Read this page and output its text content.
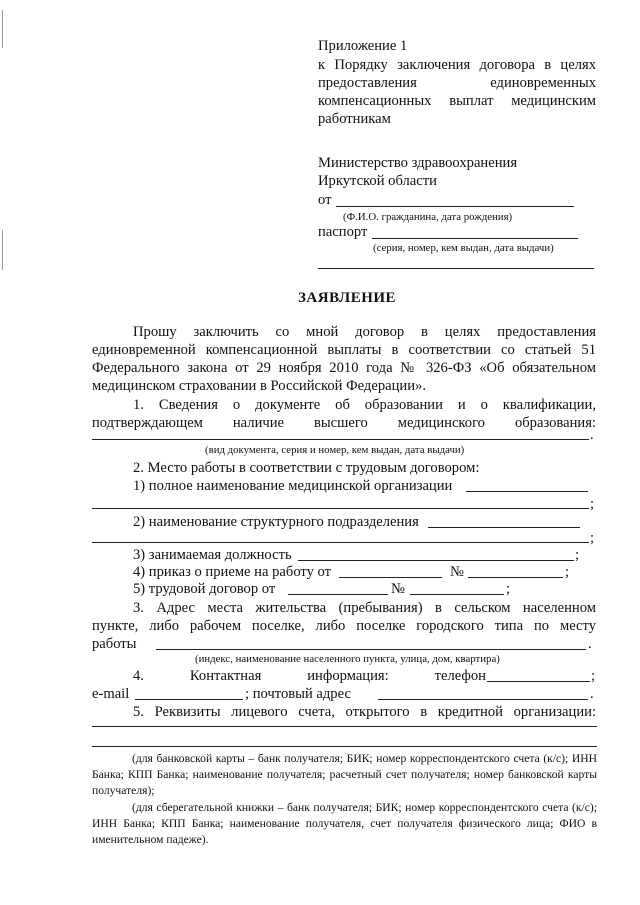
Приложение 1
к Порядку заключения договора в целях
предоставления единовременных
компенсационных выплат медицинским
работникам
Министерство здравоохранения
Иркутской области
от
(Ф.И.О. гражданина, дата рождения)
паспорт
(серия, номер, кем выдан, дата выдачи)
ЗАЯВЛЕНИЕ
Прошу заключить со мной договор в целях предоставления
единовременной компенсационной выплаты в соответствии со статьей 51
Федерального закона от 29 ноября 2010 года № 326-ФЗ «Об обязательном
медицинском страховании в Российской Федерации».
1. Сведения о документе об образовании и о квалификации,
подтверждающем наличие высшего медицинского образования:
.
(вид документа, серия и номер, кем выдан, дата выдачи)
2. Место работы в соответствии с трудовым договором:
1) полное наименование медицинской организации
;
2) наименование структурного подразделения
;
3) занимаемая должность	;
4) приказ о приеме на работу от	№	;
5) трудовой договор от	№	;
3. Адрес места жительства (пребывания) в сельском населенном
пункте, либо рабочем поселке, либо поселке городского типа по месту
работы	.
(индекс, наименование населенного пункта, улица, дом, квартира)
4. Контактная информация: телефон	;
e-mail	; почтовый адрес	.
5. Реквизиты лицевого счета, открытого в кредитной организации:
(для банковской карты – банк получателя; БИК; номер корреспондентского счета (к/с); ИНН Банка; КПП Банка; наименование получателя; расчетный счет получателя; номер банковской карты получателя);
(для сберегательной книжки – банк получателя; БИК; номер корреспондентского счета (к/с); ИНН Банка; КПП Банка; наименование получателя, счет получателя физического лица; ФИО в именительном падеже).
